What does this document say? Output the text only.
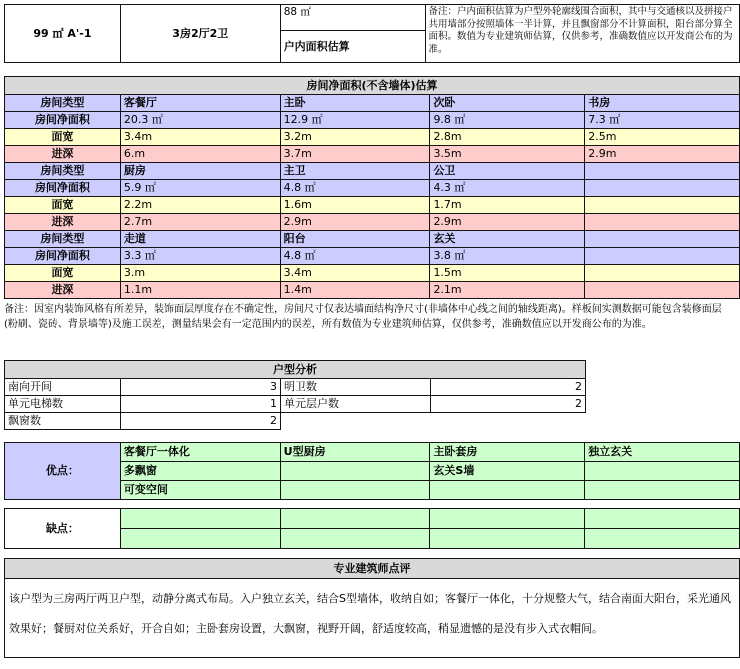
99 ㎡ A'-1	3房2厅2卫	88 ㎡	备注：户内面积估算为户型外轮廓线围合面积，其中与交通核以及拼接户共用墙部分按照墙体一半计算，并且飘窗部分不计算面积，阳台部分算全面积。数值为专业建筑师估算，仅供参考，准确数值应以开发商公布的为准。
户内面积估算
房间净面积(不含墙体)估算				
房间类型	客餐厅	主卧	次卧	书房
房间净面积	20.3 ㎡	12.9 ㎡	9.8 ㎡	7.3 ㎡
面宽	3.4m	3.2m	2.8m	2.5m
进深	6.m	3.7m	3.5m	2.9m
房间类型	厨房	主卫	公卫	
房间净面积	5.9 ㎡	4.8 ㎡	4.3 ㎡	
面宽	2.2m	1.6m	1.7m	
进深	2.7m	2.9m	2.9m	
房间类型	走道	阳台	玄关	
房间净面积	3.3 ㎡	4.8 ㎡	3.8 ㎡	
面宽	3.m	3.4m	1.5m	
进深	1.1m	1.4m	2.1m	

备注：因室内装饰风格有所差异，装饰面层厚度存在不确定性，房间尺寸仅表达墙面结构净尺寸(非墙体中心线之间的轴线距离)。样板间实测数据可能包含装修面层(粉刷、瓷砖、背景墙等)及施工误差，测量结果会有一定范围内的误差，所有数值为专业建筑师估算，仅供参考，准确数值应以开发商公布的为准。

户型分析			
南向开间	3	明卫数	2
单元电梯数	1	单元层户数	2
飘窗数	2		
优点：	客餐厅一体化	U型厨房	主卧套房	独立玄关
	多飘窗		玄关S墙	
	可变空间			
缺点：				

专业建筑师点评

该户型为三房两厅两卫户型，动静分离式布局。入户独立玄关，结合S型墙体，收纳自如；客餐厅一体化，十分规整大气，结合南面大阳台，采光通风效果好；餐厨对位关系好，开合自如；主卧套房设置，大飘窗，视野开阔，舒适度较高，稍显遗憾的是没有步入式衣帽间。
